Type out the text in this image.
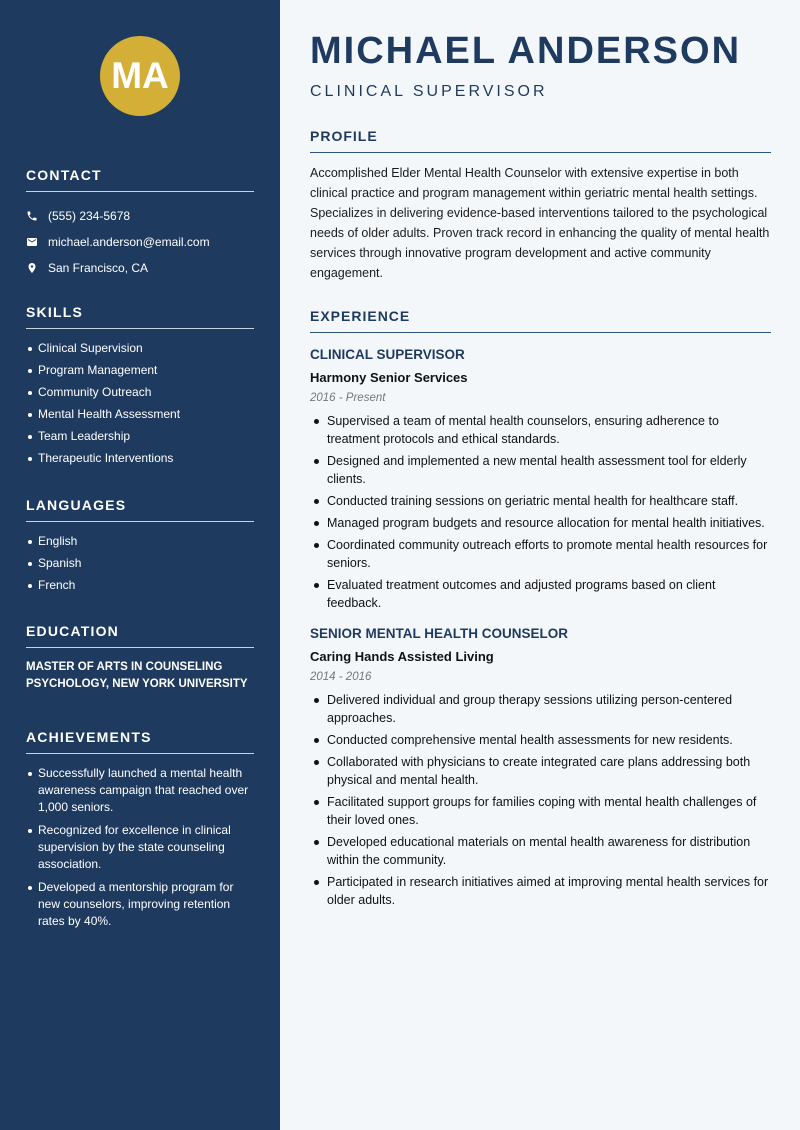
MA
CONTACT
(555) 234-5678
michael.anderson@email.com
San Francisco, CA
SKILLS
Clinical Supervision
Program Management
Community Outreach
Mental Health Assessment
Team Leadership
Therapeutic Interventions
LANGUAGES
English
Spanish
French
EDUCATION
MASTER OF ARTS IN COUNSELING PSYCHOLOGY, NEW YORK UNIVERSITY
ACHIEVEMENTS
Successfully launched a mental health awareness campaign that reached over 1,000 seniors.
Recognized for excellence in clinical supervision by the state counseling association.
Developed a mentorship program for new counselors, improving retention rates by 40%.
MICHAEL ANDERSON
CLINICAL SUPERVISOR
PROFILE
Accomplished Elder Mental Health Counselor with extensive expertise in both clinical practice and program management within geriatric mental health settings. Specializes in delivering evidence-based interventions tailored to the psychological needs of older adults. Proven track record in enhancing the quality of mental health services through innovative program development and active community engagement.
EXPERIENCE
CLINICAL SUPERVISOR
Harmony Senior Services
2016 - Present
Supervised a team of mental health counselors, ensuring adherence to treatment protocols and ethical standards.
Designed and implemented a new mental health assessment tool for elderly clients.
Conducted training sessions on geriatric mental health for healthcare staff.
Managed program budgets and resource allocation for mental health initiatives.
Coordinated community outreach efforts to promote mental health resources for seniors.
Evaluated treatment outcomes and adjusted programs based on client feedback.
SENIOR MENTAL HEALTH COUNSELOR
Caring Hands Assisted Living
2014 - 2016
Delivered individual and group therapy sessions utilizing person-centered approaches.
Conducted comprehensive mental health assessments for new residents.
Collaborated with physicians to create integrated care plans addressing both physical and mental health.
Facilitated support groups for families coping with mental health challenges of their loved ones.
Developed educational materials on mental health awareness for distribution within the community.
Participated in research initiatives aimed at improving mental health services for older adults.
